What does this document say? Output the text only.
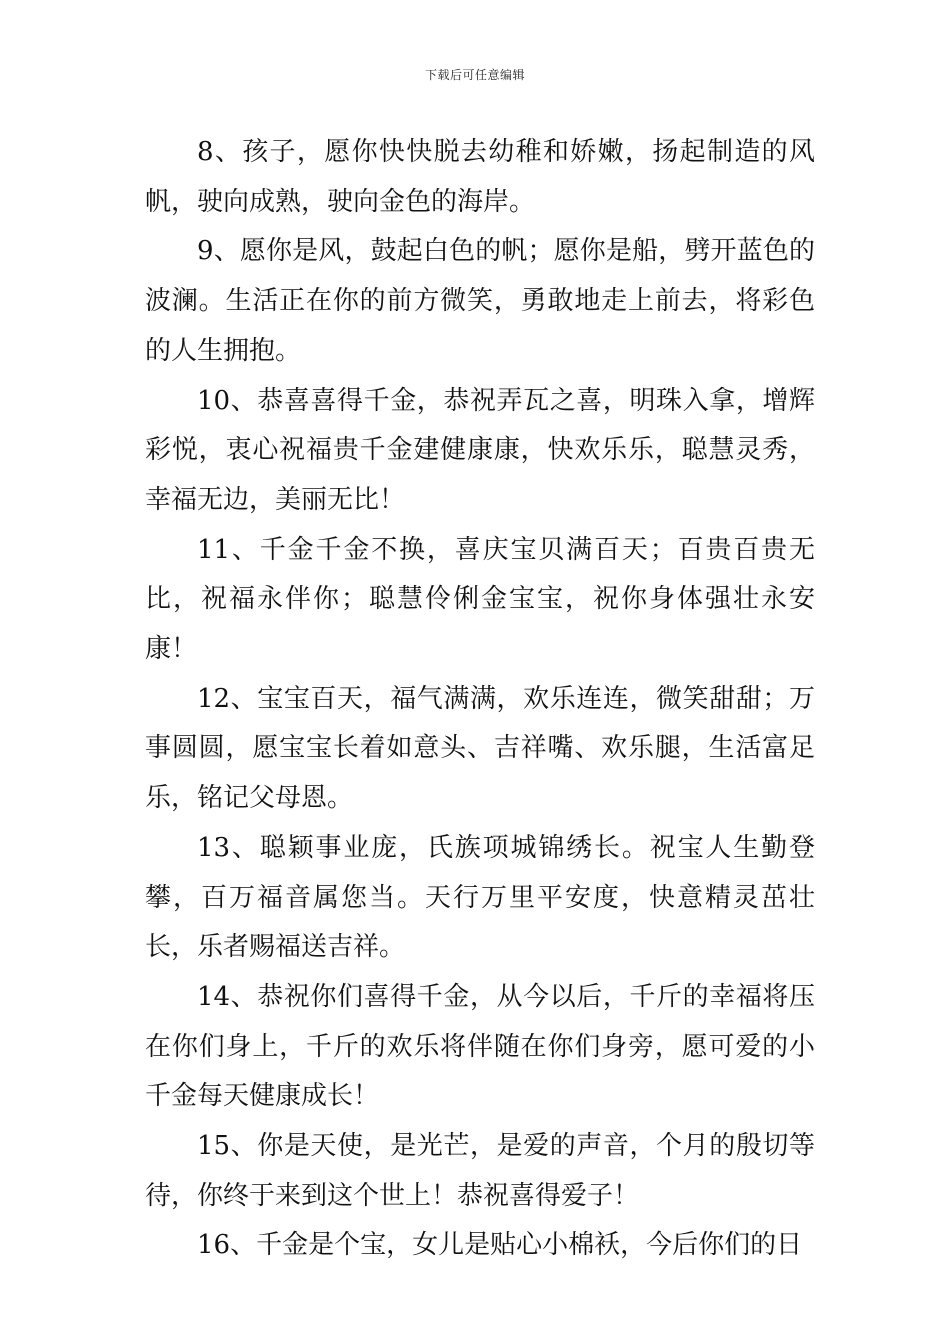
下载后可任意编辑

8、孩子，愿你快快脱去幼稚和娇嫩，扬起制造的风帆，驶向成熟，驶向金色的海岸。

9、愿你是风，鼓起白色的帆；愿你是船，劈开蓝色的波澜。生活正在你的前方微笑，勇敢地走上前去，将彩色的人生拥抱。

10、恭喜喜得千金，恭祝弄瓦之喜，明珠入拿，增辉彩悦，衷心祝福贵千金建健康康，快欢乐乐，聪慧灵秀，幸福无边，美丽无比！

11、千金千金不换，喜庆宝贝满百天；百贵百贵无比，祝福永伴你；聪慧伶俐金宝宝，祝你身体强壮永安康！

12、宝宝百天，福气满满，欢乐连连，微笑甜甜；万事圆圆，愿宝宝长着如意头、吉祥嘴、欢乐腿，生活富足乐，铭记父母恩。

13、聪颖事业庞，氏族项城锦绣长。祝宝人生勤登攀，百万福音属您当。天行万里平安度，快意精灵茁壮长，乐者赐福送吉祥。

14、恭祝你们喜得千金，从今以后，千斤的幸福将压在你们身上，千斤的欢乐将伴随在你们身旁，愿可爱的小千金每天健康成长！

15、你是天使，是光芒，是爱的声音，个月的殷切等待，你终于来到这个世上！恭祝喜得爱子！

16、千金是个宝，女儿是贴心小棉袄，今后你们的日
